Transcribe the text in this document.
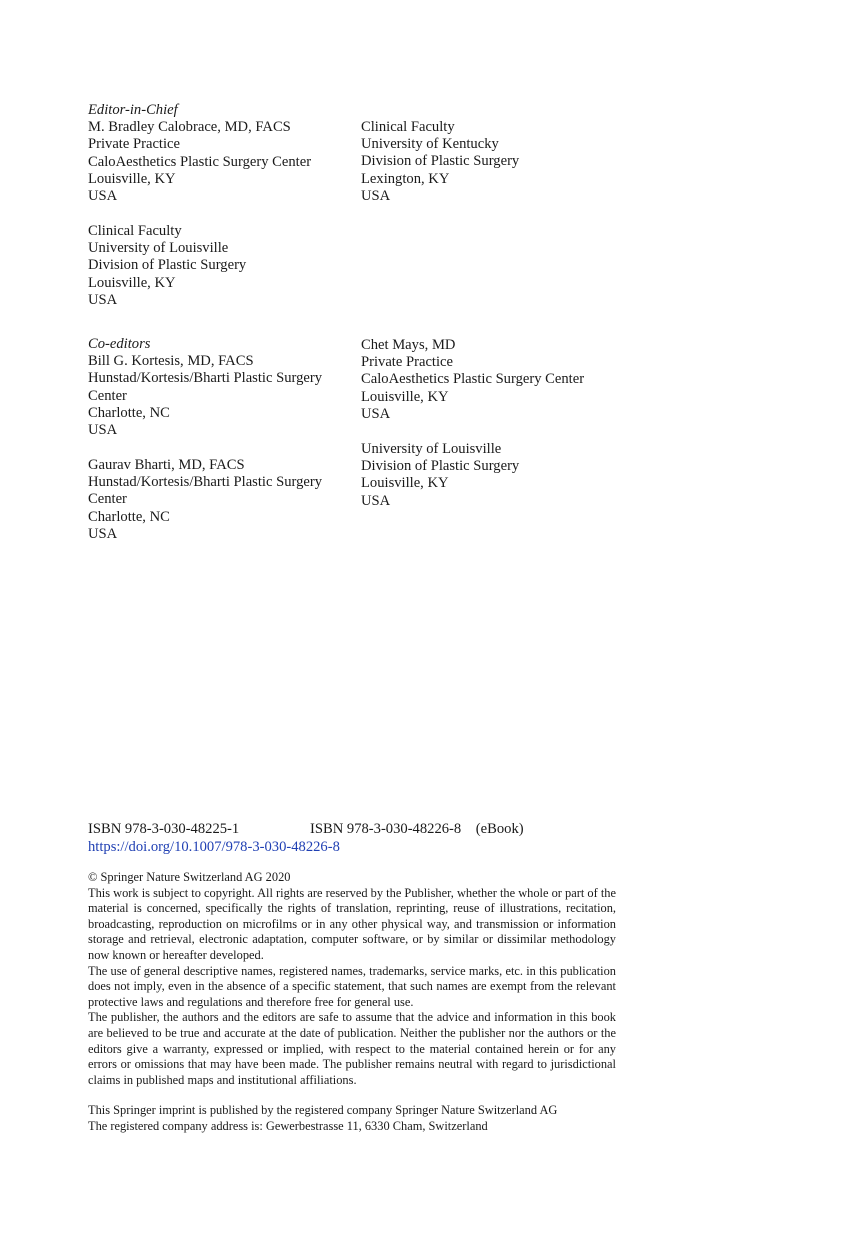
Editor-in-Chief
M. Bradley Calobrace, MD, FACS
Private Practice
CaloAesthetics Plastic Surgery Center
Louisville, KY
USA
Clinical Faculty
University of Louisville
Division of Plastic Surgery
Louisville, KY
USA
Clinical Faculty
University of Kentucky
Division of Plastic Surgery
Lexington, KY
USA
Co-editors
Bill G. Kortesis, MD, FACS
Hunstad/Kortesis/Bharti Plastic Surgery
Center
Charlotte, NC
USA
Gaurav Bharti, MD, FACS
Hunstad/Kortesis/Bharti Plastic Surgery
Center
Charlotte, NC
USA
Chet Mays, MD
Private Practice
CaloAesthetics Plastic Surgery Center
Louisville, KY
USA
University of Louisville
Division of Plastic Surgery
Louisville, KY
USA
ISBN 978-3-030-48225-1	ISBN 978-3-030-48226-8    (eBook)
https://doi.org/10.1007/978-3-030-48226-8

© Springer Nature Switzerland AG 2020

This work is subject to copyright. All rights are reserved by the Publisher, whether the whole or part of the material is concerned, specifically the rights of translation, reprinting, reuse of illustrations, recitation, broadcasting, reproduction on microfilms or in any other physical way, and transmission or information storage and retrieval, electronic adaptation, computer software, or by similar or dissimilar methodology now known or hereafter developed.

The use of general descriptive names, registered names, trademarks, service marks, etc. in this publication does not imply, even in the absence of a specific statement, that such names are exempt from the relevant protective laws and regulations and therefore free for general use.

The publisher, the authors and the editors are safe to assume that the advice and information in this book are believed to be true and accurate at the date of publication. Neither the publisher nor the authors or the editors give a warranty, expressed or implied, with respect to the material contained herein or for any errors or omissions that may have been made. The publisher remains neutral with regard to jurisdictional claims in published maps and institutional affiliations.

This Springer imprint is published by the registered company Springer Nature Switzerland AG
The registered company address is: Gewerbestrasse 11, 6330 Cham, Switzerland
